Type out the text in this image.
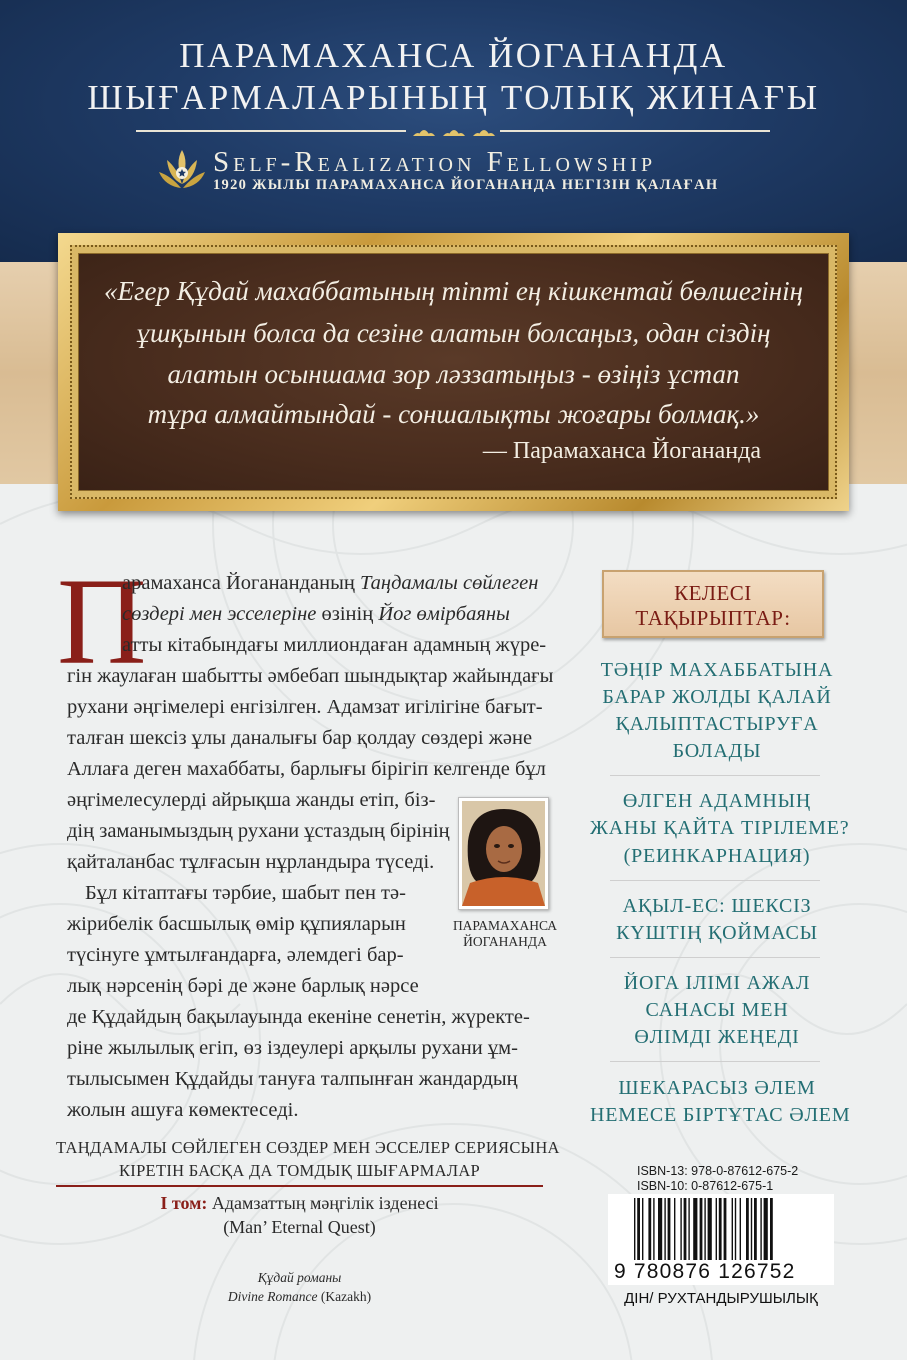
ПАРАМАХАНСА ЙОГАНАНДА
ШЫҒАРМАЛАРЫНЫҢ ТОЛЫҚ ЖИНАҒЫ
Self-Realization Fellowship
1920 ЖЫЛЫ ПАРАМАХАНСА ЙОГАНАНДА НЕГІЗІН ҚАЛАҒАН
«Егер Құдай махаббатының тіпті ең кішкентай бөлшегінің
ұшқынын болса да сезіне алатын болсаңыз, одан сіздің
алатын осыншама зор ләззатыңыз - өзіңіз ұстап
тұра алмайтындай - соншалықты жоғары болмақ.»
— Парамаханса Йогананда
П
арамаханса Йогананданың Таңдамалы сөйлеген
сөздері мен эсселеріне өзінің Йог өмірбаяны
атты кітабындағы миллиондаған адамның жүре-
гін жаулаған шабытты әмбебап шындықтар жайындағы
рухани әңгімелері енгізілген. Адамзат игілігіне бағыт-
талған шексіз ұлы даналығы бар қолдау сөздері және
Аллаға деген махаббаты, барлығы бірігіп келгенде бұл
әңгімелесулерді айрықша жанды етіп, біз-
дің заманымыздың рухани ұстаздың бірінің
қайталанбас тұлғасын нұрландыра түседі.
Бұл кітаптағы тәрбие, шабыт пен тә-
жірибелік басшылық өмір құпияларын
түсінуге ұмтылғандарға, әлемдегі бар-
лық нәрсенің бәрі де және барлық нәрсе
де Құдайдың бақылауында екеніне сенетін, жүректе-
ріне жылылық егіп, өз іздеулері арқылы рухани ұм-
тылысымен Құдайды тануға талпынған жандардың
жолын ашуға көмектеседі.
ПАРАМАХАНСА
ЙОГАНАНДА
КЕЛЕСІ
ТАҚЫРЫПТАР:
ТӘҢІР МАХАББАТЫНА
БАРАР ЖОЛДЫ ҚАЛАЙ
ҚАЛЫПТАСТЫРУҒА
БОЛАДЫ
ӨЛГЕН АДАМНЫҢ
ЖАНЫ ҚАЙТА ТІРІЛЕМЕ?
(РЕИНКАРНАЦИЯ)
АҚЫЛ-ЕС: ШЕКСІЗ
КҮШТІҢ ҚОЙМАСЫ
ЙОГА ІЛІМІ АЖАЛ
САНАСЫ МЕН
ӨЛІМДІ ЖЕҢЕДІ
ШЕКАРАСЫЗ ӘЛЕМ
НЕМЕСЕ БІРТҰТАС ӘЛЕМ
ТАҢДАМАЛЫ СӨЙЛЕГЕН СӨЗДЕР МЕН ЭССЕЛЕР СЕРИЯСЫНА
КІРЕТІН БАСҚА ДА ТОМДЫҚ ШЫҒАРМАЛАР
І том: Адамзаттың мәңгілік ізденесі
(Man’ Eternal Quest)
Құдай романы
Divine Romance (Kazakh)
ISBN-13: 978-0-87612-675-2
ISBN-10: 0-87612-675-1
9 780876 126752
ДІН/ РУХТАНДЫРУШЫЛЫҚ
